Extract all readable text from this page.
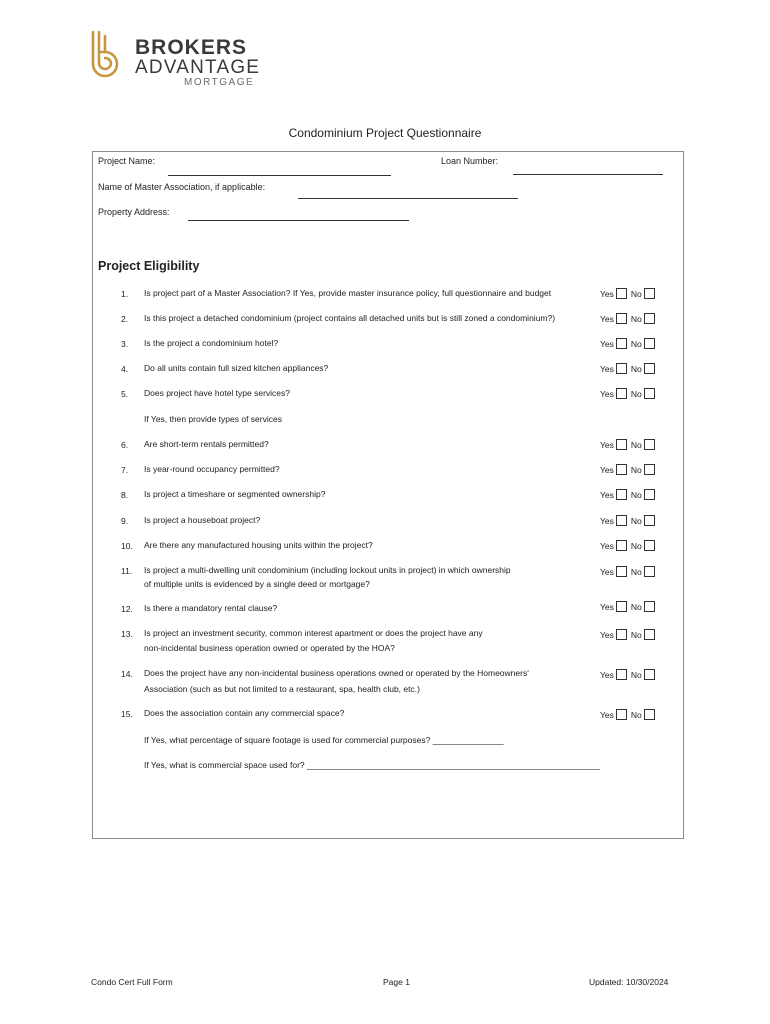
BROKERS
ADVANTAGE
MORTGAGE
Condominium Project Questionnaire
Project Name:	Loan Number:
Name of Master Association, if applicable:
Property Address:
Project Eligibility
1. Is project part of a Master Association? If Yes, provide master insurance policy, full questionnaire and budget	Yes No
2. Is this project a detached condominium (project contains all detached units but is still zoned a condominium?)	Yes No
3. Is the project a condominium hotel?	Yes No
4. Do all units contain full sized kitchen appliances?	Yes No
5. Does project have hotel type services?	Yes No
If Yes, then provide types of services
6. Are short-term rentals permitted?	Yes No
7. Is year-round occupancy permitted?	Yes No
8. Is project a timeshare or segmented ownership?	Yes No
9. Is project a houseboat project?	Yes No
10. Are there any manufactured housing units within the project?	Yes No
11. Is project a multi-dwelling unit condominium (including lockout units in project) in which ownership
of multiple units is evidenced by a single deed or mortgage?
Yes No
12. Is there a mandatory rental clause?	Yes No
13. Is project an investment security, common interest apartment or does the project have any
non-incidental business operation owned or operated by the HOA?
Yes No
14. Does the project have any non-incidental business operations owned or operated by the Homeowners'
Association (such as but not limited to a restaurant, spa, health club, etc.)
Yes No
15. Does the association contain any commercial space?	Yes No
If Yes, what percentage of square footage is used for commercial purposes? _______________
If Yes, what is commercial space used for? ______________________________________________________________
Condo Cert Full Form	Page 1	Updated: 10/30/2024
